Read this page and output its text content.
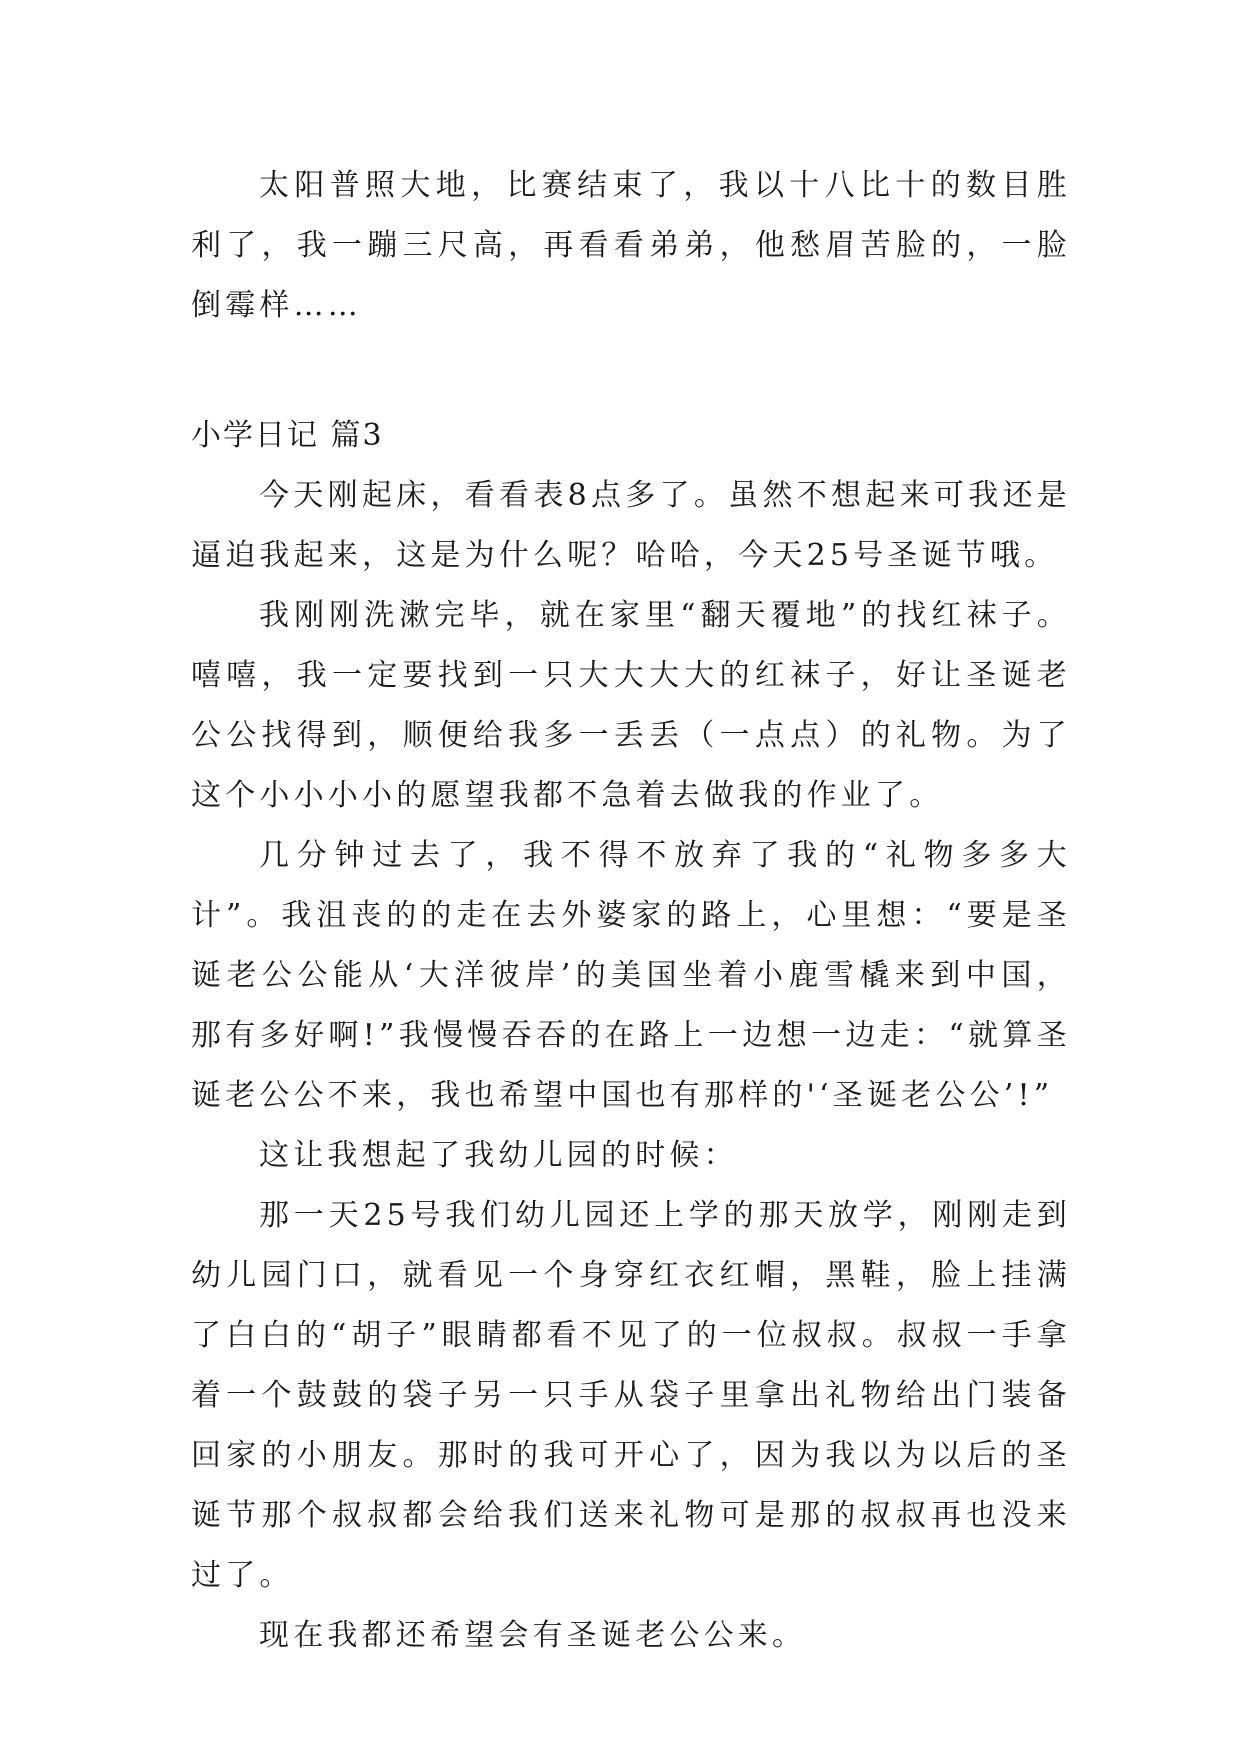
太阳普照大地，比赛结束了，我以十八比十的数目胜利了，我一蹦三尺高，再看看弟弟，他愁眉苦脸的，一脸倒霉样……

小学日记 篇3

今天刚起床，看看表8点多了。虽然不想起来可我还是逼迫我起来，这是为什么呢？哈哈，今天25号圣诞节哦。

我刚刚洗漱完毕，就在家里“翻天覆地”的找红袜子。嘻嘻，我一定要找到一只大大大大的红袜子，好让圣诞老公公找得到，顺便给我多一丢丢（一点点）的礼物。为了这个小小小小的愿望我都不急着去做我的作业了。

几分钟过去了，我不得不放弃了我的“礼物多多大计”。我沮丧的的走在去外婆家的路上，心里想：“要是圣诞老公公能从‘大洋彼岸’的美国坐着小鹿雪橇来到中国，那有多好啊!”我慢慢吞吞的在路上一边想一边走：“就算圣诞老公公不来，我也希望中国也有那样的'‘圣诞老公公’!”

这让我想起了我幼儿园的时候：

那一天25号我们幼儿园还上学的那天放学，刚刚走到幼儿园门口，就看见一个身穿红衣红帽，黑鞋，脸上挂满了白白的“胡子”眼睛都看不见了的一位叔叔。叔叔一手拿着一个鼓鼓的袋子另一只手从袋子里拿出礼物给出门装备回家的小朋友。那时的我可开心了，因为我以为以后的圣诞节那个叔叔都会给我们送来礼物可是那的叔叔再也没来过了。

现在我都还希望会有圣诞老公公来。
